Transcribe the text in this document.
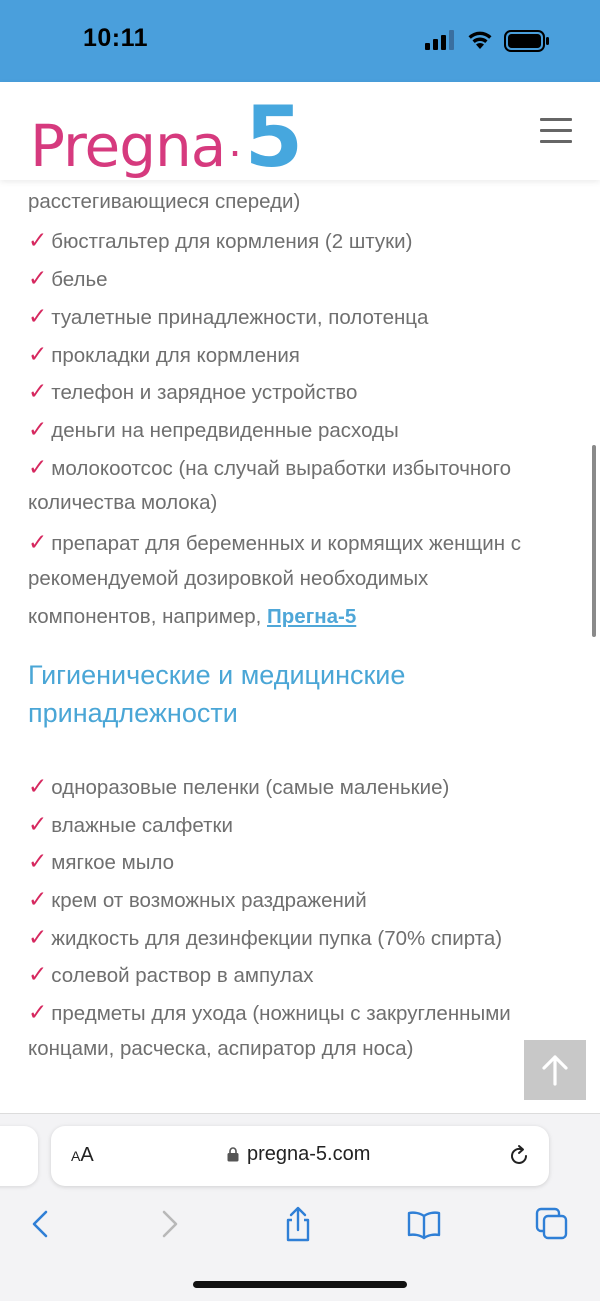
10:11
Pregna · 5
расстегивающиеся спереди)
✓ бюстгальтер для кормления (2 штуки)
✓ белье
✓ туалетные принадлежности, полотенца
✓ прокладки для кормления
✓ телефон и зарядное устройство
✓ деньги на непредвиденные расходы
✓ молокоотсос (на случай выработки избыточного
количества молока)
✓ препарат для беременных и кормящих женщин с
рекомендуемой дозировкой необходимых
компонентов, например, Прегна-5
Гигиенические и медицинские
принадлежности
✓ одноразовые пеленки (самые маленькие)
✓ влажные салфетки
✓ мягкое мыло
✓ крем от возможных раздражений
✓ жидкость для дезинфекции пупка (70% спирта)
✓ солевой раствор в ампулах
✓ предметы для ухода (ножницы с закругленными
концами, расческа, аспиратор для носа)
AA	pregna-5.com
